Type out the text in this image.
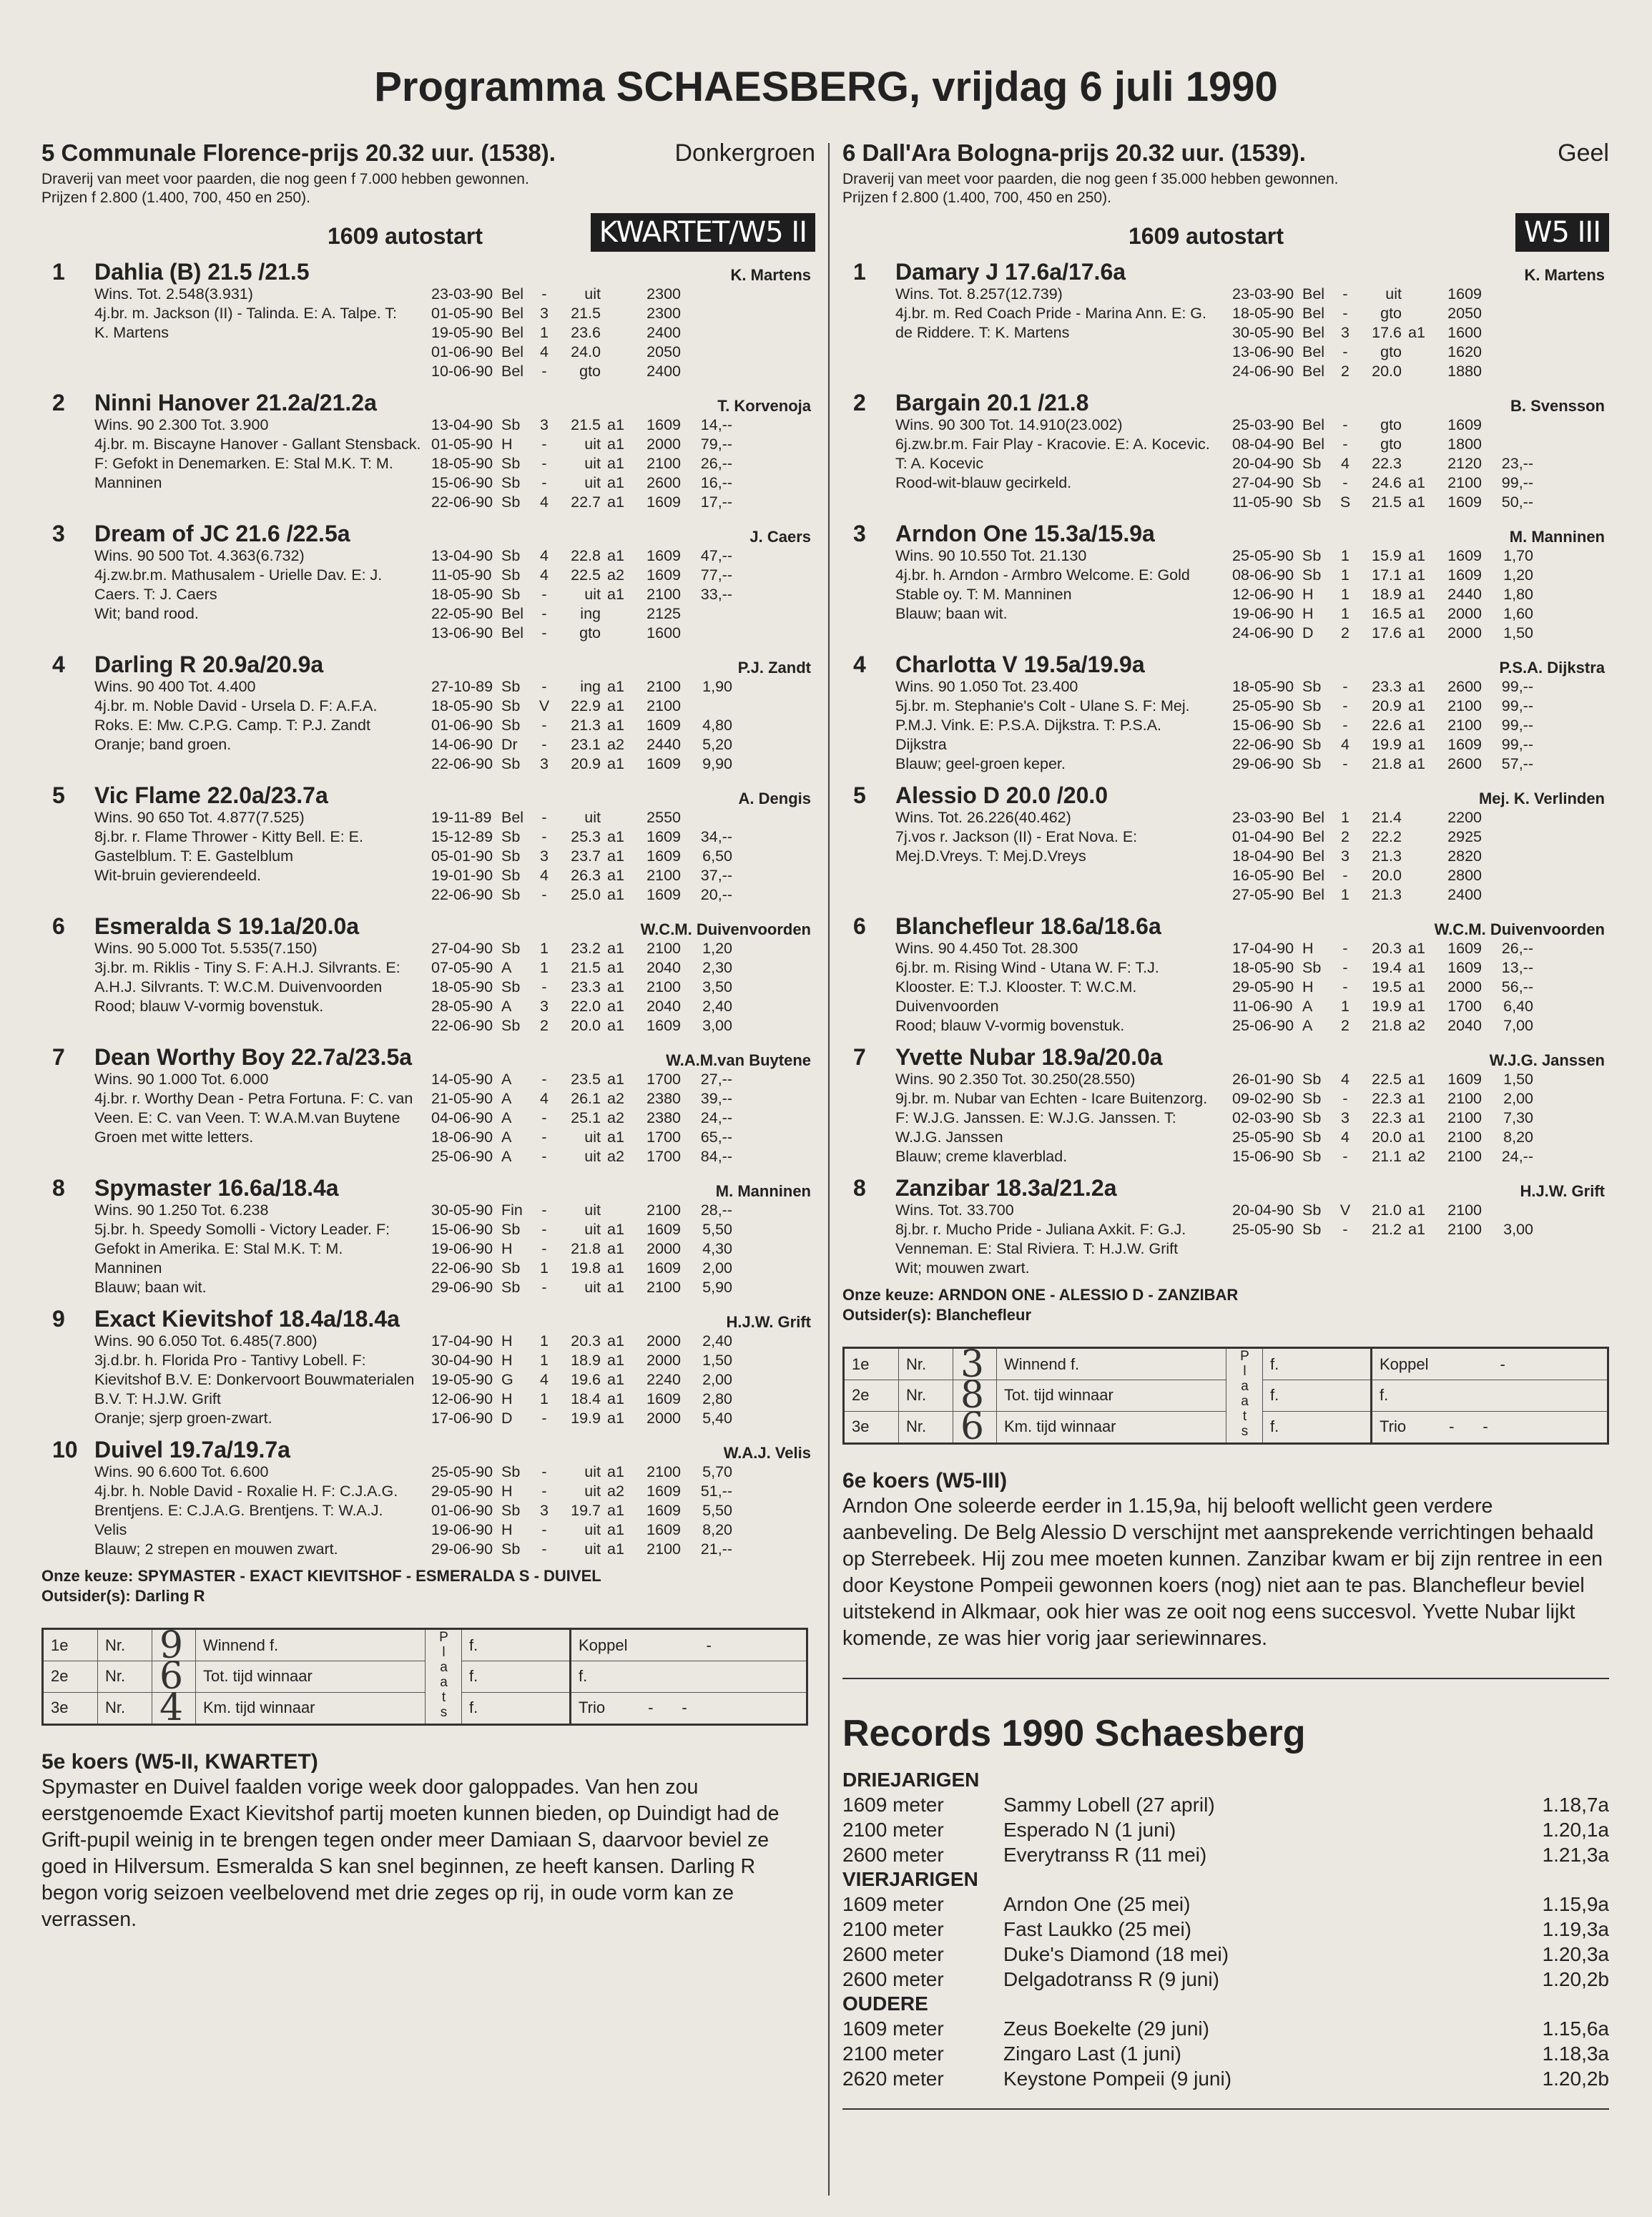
Programma SCHAESBERG, vrijdag 6 juli 1990
5 Communale Florence-prijs 20.32 uur. (1538).	Donkergroen
Draverij van meet voor paarden, die nog geen f 7.000 hebben gewonnen.
Prijzen f 2.800 (1.400, 700, 450 en 250).
1609 autostart	KWARTET/W5 II
1 Dahlia (B) 21.5 /21.5	K. Martens
Wins. Tot. 2.548(3.931)
4j.br. m. Jackson (II) - Talinda. E: A. Talpe. T:
K. Martens
23-03-90 Bel	-	uit	2300
01-05-90 Bel	3	21.5	2300
19-05-90 Bel	1	23.6	2400
01-06-90 Bel	4	24.0	2050
10-06-90 Bel	-	gto	2400
2 Ninni Hanover 21.2a/21.2a	T. Korvenoja
Wins. 90 2.300 Tot. 3.900
4j.br. m. Biscayne Hanover - Gallant Stensback.
F: Gefokt in Denemarken. E: Stal M.K. T: M.
Manninen
13-04-90 Sb	3	21.5 a1	1609	14,--
01-05-90 H	-	uit a1	2000	79,--
18-05-90 Sb	-	uit a1	2100	26,--
15-06-90 Sb	-	uit a1	2600	16,--
22-06-90 Sb	4	22.7 a1	1609	17,--
3 Dream of JC 21.6 /22.5a	J. Caers
Wins. 90 500 Tot. 4.363(6.732)
4j.zw.br.m. Mathusalem - Urielle Dav. E: J.
Caers. T: J. Caers
Wit; band rood.
13-04-90 Sb	4	22.8 a1	1609	47,--
11-05-90 Sb	4	22.5 a2	1609	77,--
18-05-90 Sb	-	uit a1	2100	33,--
22-05-90 Bel	-	ing	2125
13-06-90 Bel	-	gto	1600
4 Darling R 20.9a/20.9a	P.J. Zandt
Wins. 90 400 Tot. 4.400
4j.br. m. Noble David - Ursela D. F: A.F.A.
Roks. E: Mw. C.P.G. Camp. T: P.J. Zandt
Oranje; band groen.
27-10-89 Sb	-	ing a1	2100	1,90
18-05-90 Sb	V	22.9 a1	2100
01-06-90 Sb	-	21.3 a1	1609	4,80
14-06-90 Dr	-	23.1 a2	2440	5,20
22-06-90 Sb	3	20.9 a1	1609	9,90
5 Vic Flame 22.0a/23.7a	A. Dengis
Wins. 90 650 Tot. 4.877(7.525)
8j.br. r. Flame Thrower - Kitty Bell. E: E.
Gastelblum. T: E. Gastelblum
Wit-bruin gevierendeeld.
19-11-89 Bel	-	uit	2550
15-12-89 Sb	-	25.3 a1	1609	34,--
05-01-90 Sb	3	23.7 a1	1609	6,50
19-01-90 Sb	4	26.3 a1	2100	37,--
22-06-90 Sb	-	25.0 a1	1609	20,--
6 Esmeralda S 19.1a/20.0a	W.C.M. Duivenvoorden
Wins. 90 5.000 Tot. 5.535(7.150)
3j.br. m. Riklis - Tiny S. F: A.H.J. Silvrants. E:
A.H.J. Silvrants. T: W.C.M. Duivenvoorden
Rood; blauw V-vormig bovenstuk.
27-04-90 Sb	1	23.2 a1	2100	1,20
07-05-90 A	1	21.5 a1	2040	2,30
18-05-90 Sb	-	23.3 a1	2100	3,50
28-05-90 A	3	22.0 a1	2040	2,40
22-06-90 Sb	2	20.0 a1	1609	3,00
7 Dean Worthy Boy 22.7a/23.5a	W.A.M.van Buytene
Wins. 90 1.000 Tot. 6.000
4j.br. r. Worthy Dean - Petra Fortuna. F: C. van
Veen. E: C. van Veen. T: W.A.M.van Buytene
Groen met witte letters.
14-05-90 A	-	23.5 a1	1700	27,--
21-05-90 A	4	26.1 a2	2380	39,--
04-06-90 A	-	25.1 a2	2380	24,--
18-06-90 A	-	uit a1	1700	65,--
25-06-90 A	-	uit a2	1700	84,--
8 Spymaster 16.6a/18.4a	M. Manninen
Wins. 90 1.250 Tot. 6.238
5j.br. h. Speedy Somolli - Victory Leader. F:
Gefokt in Amerika. E: Stal M.K. T: M.
Manninen
Blauw; baan wit.
30-05-90 Fin	-	uit	2100	28,--
15-06-90 Sb	-	uit a1	1609	5,50
19-06-90 H	-	21.8 a1	2000	4,30
22-06-90 Sb	1	19.8 a1	1609	2,00
29-06-90 Sb	-	uit a1	2100	5,90
9 Exact Kievitshof 18.4a/18.4a	H.J.W. Grift
Wins. 90 6.050 Tot. 6.485(7.800)
3j.d.br. h. Florida Pro - Tantivy Lobell. F:
Kievitshof B.V. E: Donkervoort Bouwmaterialen
B.V. T: H.J.W. Grift
Oranje; sjerp groen-zwart.
17-04-90 H	1	20.3 a1	2000	2,40
30-04-90 H	1	18.9 a1	2000	1,50
19-05-90 G	4	19.6 a1	2240	2,00
12-06-90 H	1	18.4 a1	1609	2,80
17-06-90 D	-	19.9 a1	2000	5,40
10 Duivel 19.7a/19.7a	W.A.J. Velis
Wins. 90 6.600 Tot. 6.600
4j.br. h. Noble David - Roxalie H. F: C.J.A.G.
Brentjens. E: C.J.A.G. Brentjens. T: W.A.J.
Velis
Blauw; 2 strepen en mouwen zwart.
25-05-90 Sb	-	uit a1	2100	5,70
29-05-90 H	-	uit a2	1609	51,--
01-06-90 Sb	3	19.7 a1	1609	5,50
19-06-90 H	-	uit a1	1609	8,20
29-06-90 Sb	-	uit a1	2100	21,--
Onze keuze: SPYMASTER - EXACT KIEVITSHOF - ESMERALDA S - DUIVEL
Outsider(s): Darling R
1e	Nr.	9	Winnend f.	Plaats	f.	Koppel -
2e	Nr.	6	Tot. tijd winnaar		f.	f.
3e	Nr.	4	Km. tijd winnaar		f.	Trio - -
5e koers (W5-II, KWARTET)
Spymaster en Duivel faalden vorige week door galoppades. Van hen zou eerstgenoemde Exact Kievitshof partij moeten kunnen bieden, op Duindigt had de Grift-pupil weinig in te brengen tegen onder meer Damiaan S, daarvoor beviel ze goed in Hilversum. Esmeralda S kan snel beginnen, ze heeft kansen. Darling R begon vorig seizoen veelbelovend met drie zeges op rij, in oude vorm kan ze verrassen.
6 Dall'Ara Bologna-prijs 20.32 uur. (1539).	Geel
Draverij van meet voor paarden, die nog geen f 35.000 hebben gewonnen.
Prijzen f 2.800 (1.400, 700, 450 en 250).
1609 autostart	W5 III
1 Damary J 17.6a/17.6a	K. Martens
Wins. Tot. 8.257(12.739)
4j.br. m. Red Coach Pride - Marina Ann. E: G.
de Riddere. T: K. Martens
23-03-90 Bel	-	uit	1609
18-05-90 Bel	-	gto	2050
30-05-90 Bel	3	17.6 a1	1600
13-06-90 Bel	-	gto	1620
24-06-90 Bel	2	20.0	1880
2 Bargain 20.1 /21.8	B. Svensson
Wins. 90 300 Tot. 14.910(23.002)
6j.zw.br.m. Fair Play - Kracovie. E: A. Kocevic.
T: A. Kocevic
Rood-wit-blauw gecirkeld.
25-03-90 Bel	-	gto	1609
08-04-90 Bel	-	gto	1800
20-04-90 Sb	4	22.3	2120	23,--
27-04-90 Sb	-	24.6 a1	2100	99,--
11-05-90 Sb	S	21.5 a1	1609	50,--
3 Arndon One 15.3a/15.9a	M. Manninen
Wins. 90 10.550 Tot. 21.130
4j.br. h. Arndon - Armbro Welcome. E: Gold
Stable oy. T: M. Manninen
Blauw; baan wit.
25-05-90 Sb	1	15.9 a1	1609	1,70
08-06-90 Sb	1	17.1 a1	1609	1,20
12-06-90 H	1	18.9 a1	2440	1,80
19-06-90 H	1	16.5 a1	2000	1,60
24-06-90 D	2	17.6 a1	2000	1,50
4 Charlotta V 19.5a/19.9a	P.S.A. Dijkstra
Wins. 90 1.050 Tot. 23.400
5j.br. m. Stephanie's Colt - Ulane S. F: Mej.
P.M.J. Vink. E: P.S.A. Dijkstra. T: P.S.A.
Dijkstra
Blauw; geel-groen keper.
18-05-90 Sb	-	23.3 a1	2600	99,--
25-05-90 Sb	-	20.9 a1	2100	99,--
15-06-90 Sb	-	22.6 a1	2100	99,--
22-06-90 Sb	4	19.9 a1	1609	99,--
29-06-90 Sb	-	21.8 a1	2600	57,--
5 Alessio D 20.0 /20.0	Mej. K. Verlinden
Wins. Tot. 26.226(40.462)
7j.vos r. Jackson (II) - Erat Nova. E:
Mej.D.Vreys. T: Mej.D.Vreys
23-03-90 Bel	1	21.4	2200
01-04-90 Bel	2	22.2	2925
18-04-90 Bel	3	21.3	2820
16-05-90 Bel	-	20.0	2800
27-05-90 Bel	1	21.3	2400
6 Blanchefleur 18.6a/18.6a	W.C.M. Duivenvoorden
Wins. 90 4.450 Tot. 28.300
6j.br. m. Rising Wind - Utana W. F: T.J.
Klooster. E: T.J. Klooster. T: W.C.M.
Duivenvoorden
Rood; blauw V-vormig bovenstuk.
17-04-90 H	-	20.3 a1	1609	26,--
18-05-90 Sb	-	19.4 a1	1609	13,--
29-05-90 H	-	19.5 a1	2000	56,--
11-06-90 A	1	19.9 a1	1700	6,40
25-06-90 A	2	21.8 a2	2040	7,00
7 Yvette Nubar 18.9a/20.0a	W.J.G. Janssen
Wins. 90 2.350 Tot. 30.250(28.550)
9j.br. m. Nubar van Echten - Icare Buitenzorg.
F: W.J.G. Janssen. E: W.J.G. Janssen. T:
W.J.G. Janssen
Blauw; creme klaverblad.
26-01-90 Sb	4	22.5 a1	1609	1,50
09-02-90 Sb	-	22.3 a1	2100	2,00
02-03-90 Sb	3	22.3 a1	2100	7,30
25-05-90 Sb	4	20.0 a1	2100	8,20
15-06-90 Sb	-	21.1 a2	2100	24,--
8 Zanzibar 18.3a/21.2a	H.J.W. Grift
Wins. Tot. 33.700
8j.br. r. Mucho Pride - Juliana Axkit. F: G.J.
Venneman. E: Stal Riviera. T: H.J.W. Grift
Wit; mouwen zwart.
20-04-90 Sb	V	21.0 a1	2100
25-05-90 Sb	-	21.2 a1	2100	3,00
Onze keuze: ARNDON ONE - ALESSIO D - ZANZIBAR
Outsider(s): Blanchefleur
1e	Nr.	3	Winnend f.	Plaats	f.	Koppel -
2e	Nr.	8	Tot. tijd winnaar		f.	f.
3e	Nr.	6	Km. tijd winnaar		f.	Trio - -
6e koers (W5-III)
Arndon One soleerde eerder in 1.15,9a, hij belooft wellicht geen verdere aanbeveling. De Belg Alessio D verschijnt met aansprekende verrichtingen behaald op Sterrebeek. Hij zou mee moeten kunnen. Zanzibar kwam er bij zijn rentree in een door Keystone Pompeii gewonnen koers (nog) niet aan te pas. Blanchefleur beviel uitstekend in Alkmaar, ook hier was ze ooit nog eens succesvol. Yvette Nubar lijkt komende, ze was hier vorig jaar seriewinnares.
Records 1990 Schaesberg
DRIEJARIGEN
1609 meter	Sammy Lobell (27 april)	1.18,7a
2100 meter	Esperado N (1 juni)	1.20,1a
2600 meter	Everytranss R (11 mei)	1.21,3a
VIERJARIGEN
1609 meter	Arndon One (25 mei)	1.15,9a
2100 meter	Fast Laukko (25 mei)	1.19,3a
2600 meter	Duke's Diamond (18 mei)	1.20,3a
2600 meter	Delgadotranss R (9 juni)	1.20,2b
OUDERE
1609 meter	Zeus Boekelte (29 juni)	1.15,6a
2100 meter	Zingaro Last (1 juni)	1.18,3a
2620 meter	Keystone Pompeii (9 juni)	1.20,2b
